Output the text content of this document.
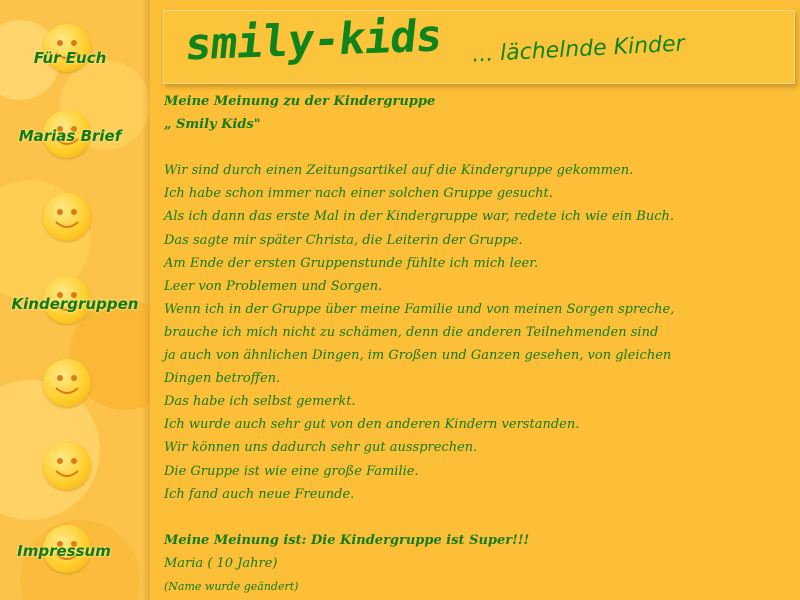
Für Euch
Marias Brief
Kindergruppen
Impressum
smily-kids ... lächelnde Kinder
Meine Meinung zu der Kindergruppe
„ Smily Kids"
Wir sind durch einen Zeitungsartikel auf die Kindergruppe gekommen.
Ich habe schon immer nach einer solchen Gruppe gesucht.
Als ich dann das erste Mal in der Kindergruppe war, redete ich wie ein Buch.
Das sagte mir später Christa, die Leiterin der Gruppe.
Am Ende der ersten Gruppenstunde fühlte ich mich leer.
Leer von Problemen und Sorgen.
Wenn ich in der Gruppe über meine Familie und von meinen Sorgen spreche,
brauche ich mich nicht zu schämen, denn die anderen Teilnehmenden sind
ja auch von ähnlichen Dingen, im Großen und Ganzen gesehen, von gleichen
Dingen betroffen.
Das habe ich selbst gemerkt.
Ich wurde auch sehr gut von den anderen Kindern verstanden.
Wir können uns dadurch sehr gut aussprechen.
Die Gruppe ist wie eine große Familie.
Ich fand auch neue Freunde.
Meine Meinung ist: Die Kindergruppe ist Super!!!
Maria ( 10 Jahre)
(Name wurde geändert)
